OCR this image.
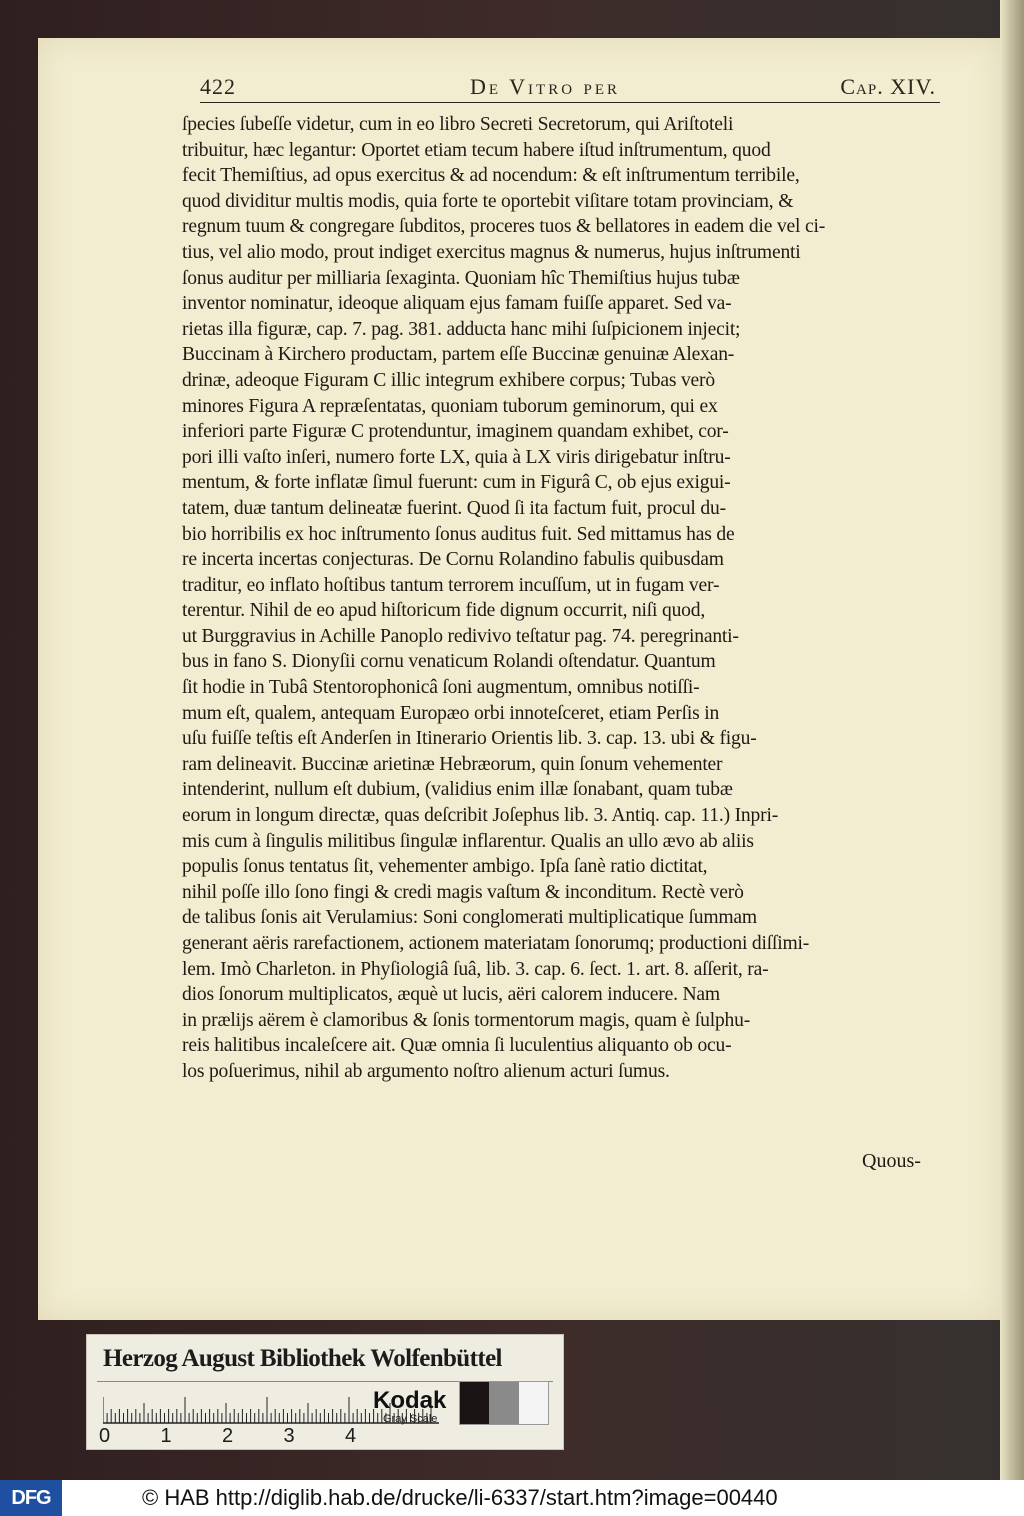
422	De Vitro per	Cap. XIV.
ſpecies ſubeſſe videtur, cum in eo libro Secreti Secretorum, qui Ariſtoteli
tribuitur, hæc legantur: Oportet etiam tecum habere iſtud inſtrumentum, quod
fecit Themiſtius, ad opus exercitus & ad nocendum: & eſt inſtrumentum terribile,
quod dividitur multis modis, quia forte te oportebit viſitare totam provinciam, &
regnum tuum & congregare ſubditos, proceres tuos & bellatores in eadem die vel ci-
tius, vel alio modo, prout indiget exercitus magnus & numerus, hujus inſtrumenti
ſonus auditur per milliaria ſexaginta. Quoniam hîc Themiſtius hujus tubæ
inventor nominatur, ideoque aliquam ejus famam fuiſſe apparet. Sed va-
rietas illa figuræ, cap. 7. pag. 381. adducta hanc mihi ſuſpicionem injecit;
Buccinam à Kirchero productam, partem eſſe Buccinæ genuinæ Alexan-
drinæ, adeoque Figuram C illic integrum exhibere corpus; Tubas verò
minores Figura A repræſentatas, quoniam tuborum geminorum, qui ex
inferiori parte Figuræ C protenduntur, imaginem quandam exhibet, cor-
pori illi vaſto inſeri, numero forte LX, quia à LX viris dirigebatur inſtru-
mentum, & forte inflatæ ſimul fuerunt: cum in Figurâ C, ob ejus exigui-
tatem, duæ tantum delineatæ fuerint. Quod ſi ita factum fuit, procul du-
bio horribilis ex hoc inſtrumento ſonus auditus fuit. Sed mittamus has de
re incerta incertas conjecturas. De Cornu Rolandino fabulis quibusdam
traditur, eo inflato hoſtibus tantum terrorem incuſſum, ut in fugam ver-
terentur. Nihil de eo apud hiſtoricum fide dignum occurrit, niſi quod,
ut Burggravius in Achille Panoplo redivivo teſtatur pag. 74. peregrinanti-
bus in fano S. Dionyſii cornu venaticum Rolandi oſtendatur. Quantum
ſit hodie in Tubâ Stentorophonicâ ſoni augmentum, omnibus notiſſi-
mum eſt, qualem, antequam Europæo orbi innoteſceret, etiam Perſis in
uſu fuiſſe teſtis eſt Anderſen in Itinerario Orientis lib. 3. cap. 13. ubi & figu-
ram delineavit. Buccinæ arietinæ Hebræorum, quin ſonum vehementer
intenderint, nullum eſt dubium, (validius enim illæ ſonabant, quam tubæ
eorum in longum directæ, quas deſcribit Joſephus lib. 3. Antiq. cap. 11.) Inpri-
mis cum à ſingulis militibus ſingulæ inflarentur. Qualis an ullo ævo ab aliis
populis ſonus tentatus ſit, vehementer ambigo. Ipſa ſanè ratio dictitat,
nihil poſſe illo ſono fingi & credi magis vaſtum & inconditum. Rectè verò
de talibus ſonis ait Verulamius: Soni conglomerati multiplicatique ſummam
generant aëris rarefactionem, actionem materiatam ſonorumq; productioni diſſimi-
lem. Imò Charleton. in Phyſiologiâ ſuâ, lib. 3. cap. 6. ſect. 1. art. 8. aſſerit, ra-
dios ſonorum multiplicatos, æquè ut lucis, aëri calorem inducere. Nam
in prælijs aërem è clamoribus & ſonis tormentorum magis, quam è ſulphu-
reis halitibus incaleſcere ait. Quæ omnia ſi luculentius aliquanto ob ocu-
los poſuerimus, nihil ab argumento noſtro alienum acturi ſumus.
Quous-
Herzog August Bibliothek Wolfenbüttel
0	1	2	3	4
Kodak
Gray Scale
DFG	© HAB http://diglib.hab.de/drucke/li-6337/start.htm?image=00440
